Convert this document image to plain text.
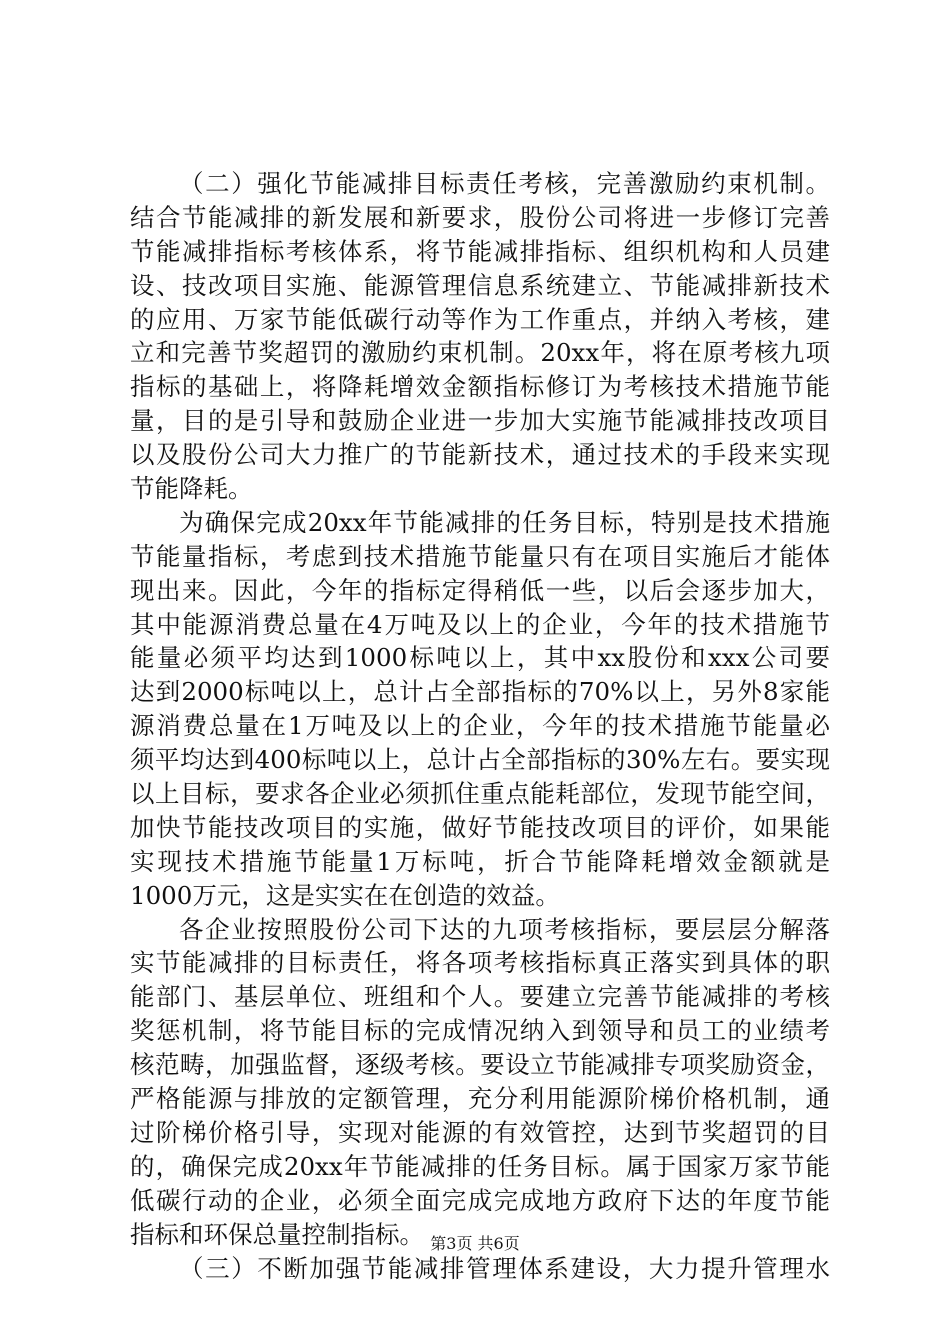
（二）强化节能减排目标责任考核，完善激励约束机制。
结合节能减排的新发展和新要求，股份公司将进一步修订完善
节能减排指标考核体系，将节能减排指标、组织机构和人员建
设、技改项目实施、能源管理信息系统建立、节能减排新技术
的应用、万家节能低碳行动等作为工作重点，并纳入考核，建
立和完善节奖超罚的激励约束机制。20xx年，将在原考核九项
指标的基础上，将降耗增效金额指标修订为考核技术措施节能
量，目的是引导和鼓励企业进一步加大实施节能减排技改项目
以及股份公司大力推广的节能新技术，通过技术的手段来实现
节能降耗。
为确保完成20xx年节能减排的任务目标，特别是技术措施
节能量指标，考虑到技术措施节能量只有在项目实施后才能体
现出来。因此，今年的指标定得稍低一些，以后会逐步加大，
其中能源消费总量在4万吨及以上的企业，今年的技术措施节
能量必须平均达到1000标吨以上，其中xx股份和xxx公司要
达到2000标吨以上，总计占全部指标的70%以上，另外8家能
源消费总量在1万吨及以上的企业，今年的技术措施节能量必
须平均达到400标吨以上，总计占全部指标的30%左右。要实现
以上目标，要求各企业必须抓住重点能耗部位，发现节能空间，
加快节能技改项目的实施，做好节能技改项目的评价，如果能
实现技术措施节能量1万标吨，折合节能降耗增效金额就是
1000万元，这是实实在在创造的效益。
各企业按照股份公司下达的九项考核指标，要层层分解落
实节能减排的目标责任，将各项考核指标真正落实到具体的职
能部门、基层单位、班组和个人。要建立完善节能减排的考核
奖惩机制，将节能目标的完成情况纳入到领导和员工的业绩考
核范畴，加强监督，逐级考核。要设立节能减排专项奖励资金，
严格能源与排放的定额管理，充分利用能源阶梯价格机制，通
过阶梯价格引导，实现对能源的有效管控，达到节奖超罚的目
的，确保完成20xx年节能减排的任务目标。属于国家万家节能
低碳行动的企业，必须全面完成完成地方政府下达的年度节能
指标和环保总量控制指标。
（三）不断加强节能减排管理体系建设，大力提升管理水
第3页 共6页
